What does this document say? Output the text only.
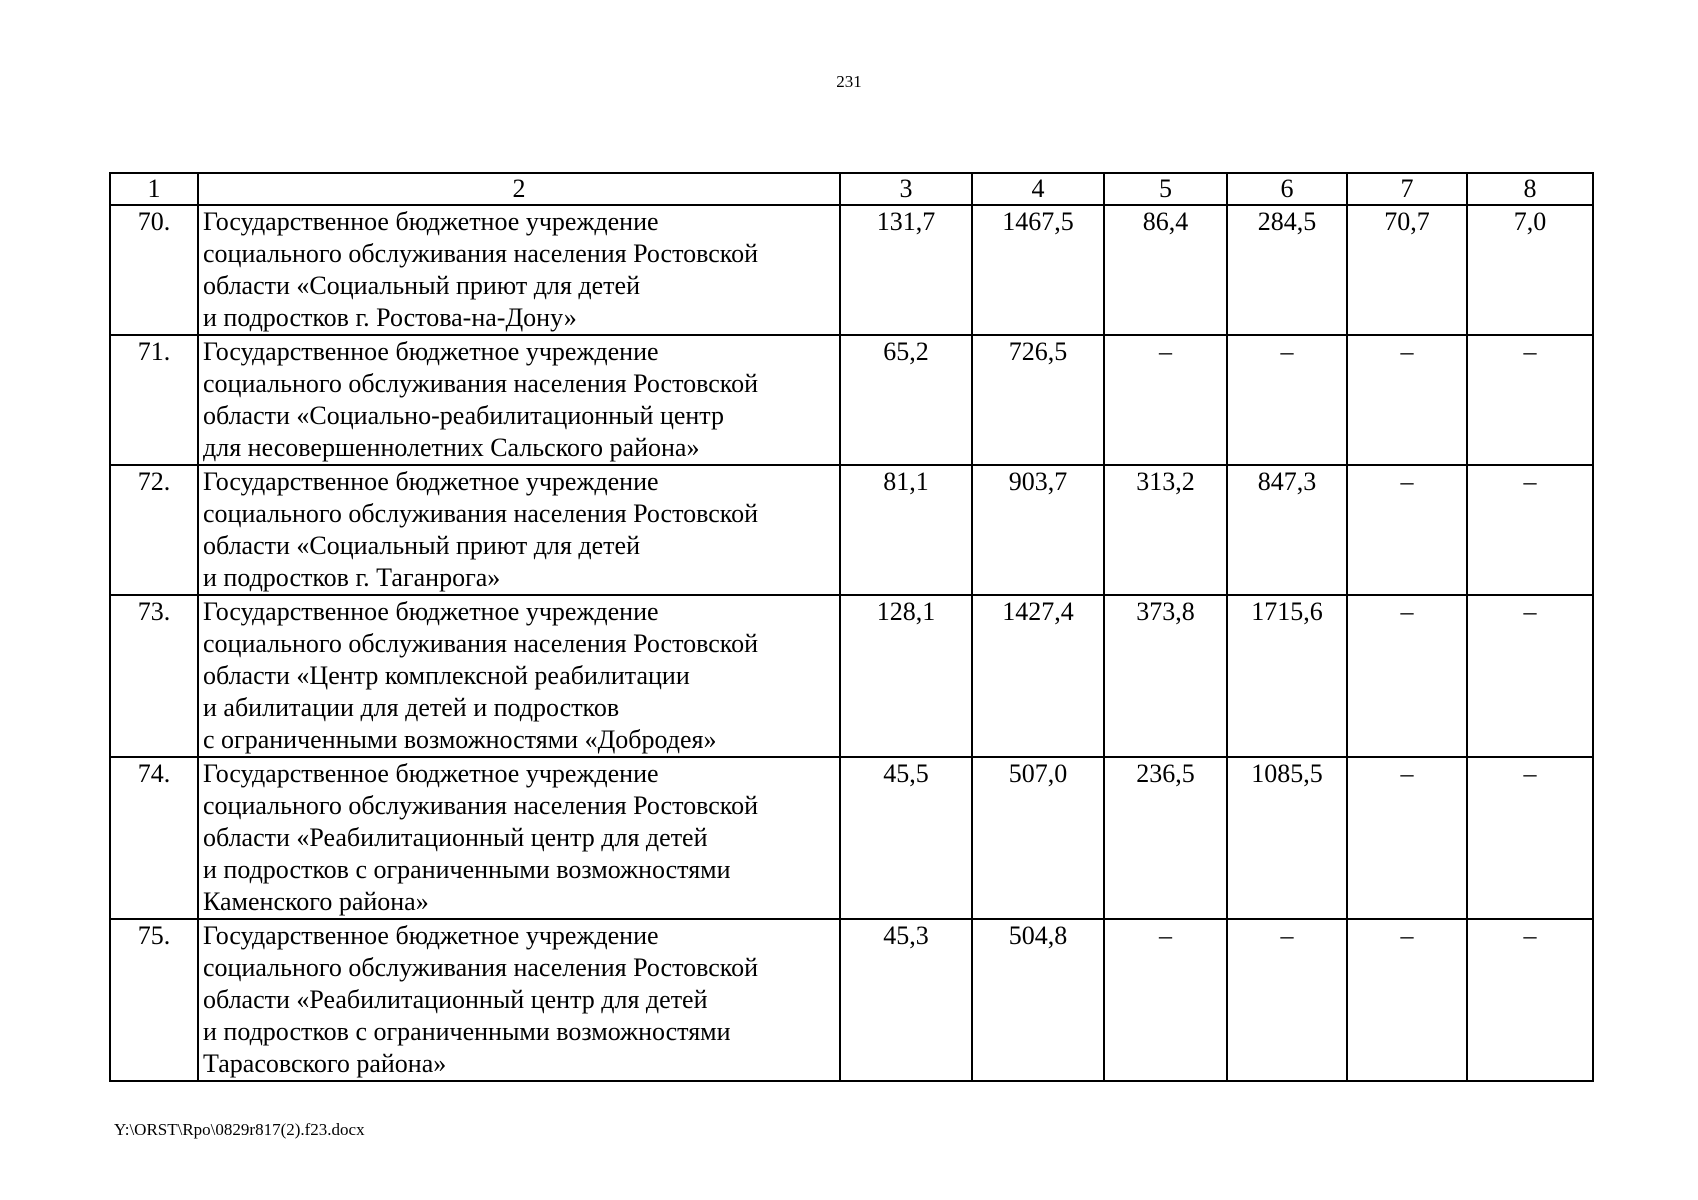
231
1	2	3	4	5	6	7	8
70.	Государственное бюджетное учреждение
социального обслуживания населения Ростовской
области «Социальный приют для детей
и подростков г. Ростова-на-Дону»	131,7	1467,5	86,4	284,5	70,7	7,0
71.	Государственное бюджетное учреждение
социального обслуживания населения Ростовской
области «Социально-реабилитационный центр
для несовершеннолетних Сальского района»	65,2	726,5	–	–	–	–
72.	Государственное бюджетное учреждение
социального обслуживания населения Ростовской
области «Социальный приют для детей
и подростков г. Таганрога»	81,1	903,7	313,2	847,3	–	–
73.	Государственное бюджетное учреждение
социального обслуживания населения Ростовской
области «Центр комплексной реабилитации
и абилитации для детей и подростков
с ограниченными возможностями «Добродея»	128,1	1427,4	373,8	1715,6	–	–
74.	Государственное бюджетное учреждение
социального обслуживания населения Ростовской
области «Реабилитационный центр для детей
и подростков с ограниченными возможностями
Каменского района»	45,5	507,0	236,5	1085,5	–	–
75.	Государственное бюджетное учреждение
социального обслуживания населения Ростовской
области «Реабилитационный центр для детей
и подростков с ограниченными возможностями
Тарасовского района»	45,3	504,8	–	–	–	–
Y:\ORST\Rpo\0829r817(2).f23.docx
